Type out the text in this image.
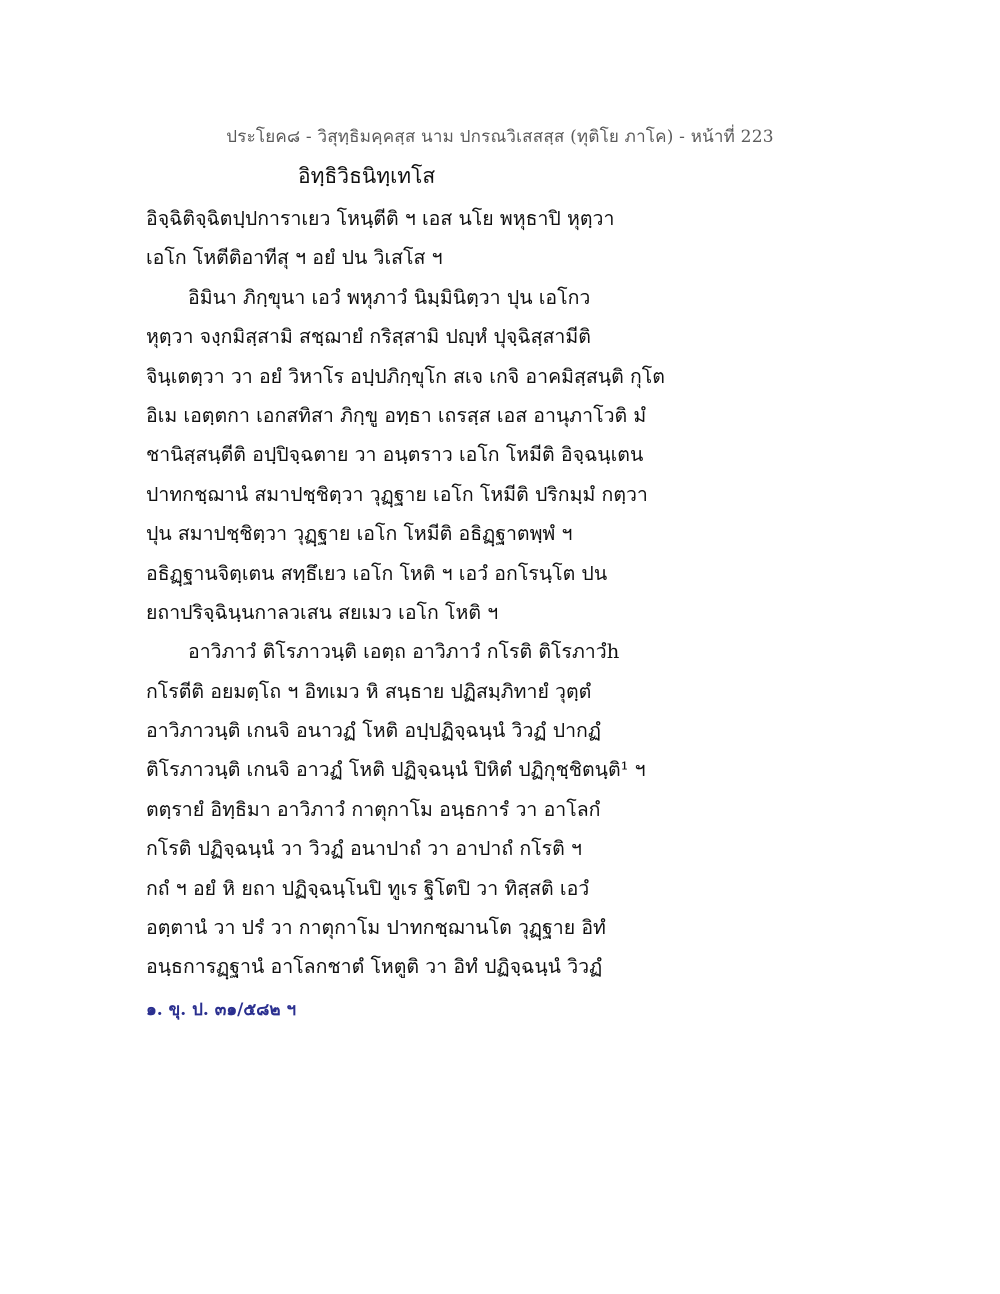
ประโยค๘ - วิสุทฺธิมคฺคสฺส นาม ปกรณวิเสสสฺส (ทุติโย ภาโค) - หน้าที่ 223
อิทฺธิวิธนิทฺเทโส
อิจฺฉิติจฺฉิตปฺปการาเยว โหนฺตีติ ฯ เอส นโย พหุธาปิ หุตฺวา
เอโก โหตีติอาทีสุ ฯ อยํ ปน วิเสโส ฯ
อิมินา ภิกฺขุนา เอวํ พหุภาวํ นิมฺมินิตฺวา ปุน เอโกว
หุตฺวา จงฺกมิสฺสามิ สชฺฌายํ กริสฺสามิ ปญฺหํ ปุจฺฉิสฺสามีติ
จินฺเตตฺวา วา อยํ วิหาโร อปฺปภิกฺขุโก สเจ เกจิ อาคมิสฺสนฺติ กุโต
อิเม เอตฺตกา เอกสทิสา ภิกฺขู อทฺธา เถรสฺส เอส อานุภาโวติ มํ
ชานิสฺสนฺตีติ อปฺปิจฺฉตาย วา อนฺตราว เอโก โหมีติ อิจฺฉนฺเตน
ปาทกชฺฌานํ สมาปชฺชิตฺวา วุฏฺฐาย เอโก โหมีติ ปริกมฺมํ กตฺวา
ปุน สมาปชฺชิตฺวา วุฏฺฐาย เอโก โหมีติ อธิฏฺฐาตพฺพํ ฯ
อธิฏฺฐานจิตฺเตน สทฺธึเยว เอโก โหติ ฯ เอวํ อกโรนฺโต ปน
ยถาปริจฺฉินฺนกาลวเสน สยเมว เอโก โหติ ฯ
อาวิภาวํ ติโรภาวนฺติ เอตฺถ อาวิภาวํ กโรติ ติโรภาวํh
กโรตีติ อยมตฺโถ ฯ อิทเมว หิ สนฺธาย ปฏิสมฺภิทายํ วุตฺตํ
อาวิภาวนฺติ เกนจิ อนาวฏํ โหติ อปฺปฏิจฺฉนฺนํ วิวฏํ ปากฏํ
ติโรภาวนฺติ เกนจิ อาวฏํ โหติ ปฏิจฺฉนฺนํ ปิหิตํ ปฏิกุชฺชิตนฺติ¹ ฯ
ตตฺรายํ อิทฺธิมา อาวิภาวํ กาตุกาโม อนฺธการํ วา อาโลกํ
กโรติ ปฏิจฺฉนฺนํ วา วิวฏํ อนาปาถํ วา อาปาถํ กโรติ ฯ
กถํ ฯ อยํ หิ ยถา ปฏิจฺฉนฺโนปิ ทูเร ฐิโตปิ วา ทิสฺสติ เอวํ
อตฺตานํ วา ปรํ วา กาตุกาโม ปาทกชฺฌานโต วุฏฺฐาย อิทํ
อนฺธการฏฺฐานํ อาโลกชาตํ โหตูติ วา อิทํ ปฏิจฺฉนฺนํ วิวฏํ
๑. ขุ. ป. ๓๑/๕๘๒ ฯ
